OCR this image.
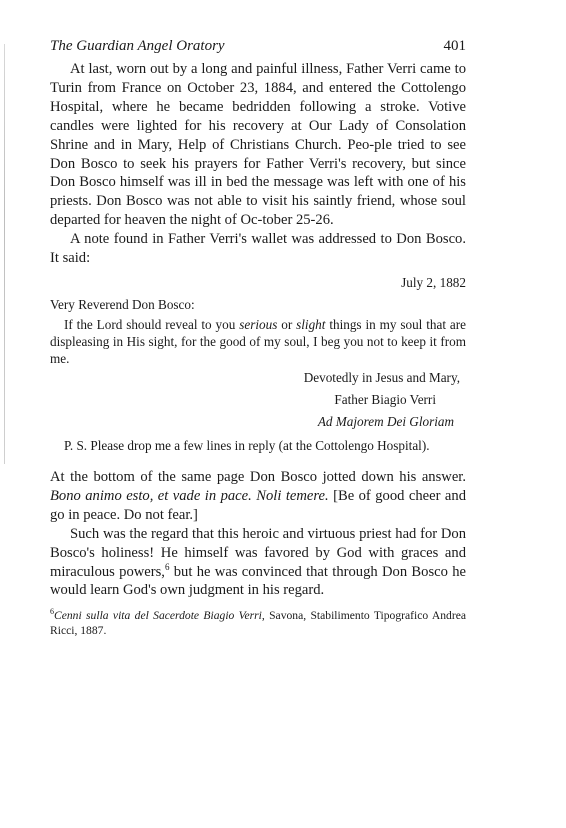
The Guardian Angel Oratory	401

At last, worn out by a long and painful illness, Father Verri came to Turin from France on October 23, 1884, and entered the Cottolengo Hospital, where he became bedridden following a stroke. Votive candles were lighted for his recovery at Our Lady of Consolation Shrine and in Mary, Help of Christians Church. Peo-ple tried to see Don Bosco to seek his prayers for Father Verri's recovery, but since Don Bosco himself was ill in bed the message was left with one of his priests. Don Bosco was not able to visit his saintly friend, whose soul departed for heaven the night of Oc-tober 25-26.

A note found in Father Verri's wallet was addressed to Don Bosco. It said:

July 2, 1882

Very Reverend Don Bosco:

If the Lord should reveal to you serious or slight things in my soul that are displeasing in His sight, for the good of my soul, I beg you not to keep it from me.

Devotedly in Jesus and Mary,

Father Biagio Verri

Ad Majorem Dei Gloriam

P. S. Please drop me a few lines in reply (at the Cottolengo Hospital).

At the bottom of the same page Don Bosco jotted down his answer. Bono animo esto, et vade in pace. Noli temere. [Be of good cheer and go in peace. Do not fear.]

Such was the regard that this heroic and virtuous priest had for Don Bosco's holiness! He himself was favored by God with graces and miraculous powers,$^6$ but he was convinced that through Don Bosco he would learn God's own judgment in his regard.

$^6$Cenni sulla vita del Sacerdote Biagio Verri, Savona, Stabilimento Tipografico Andrea Ricci, 1887.
